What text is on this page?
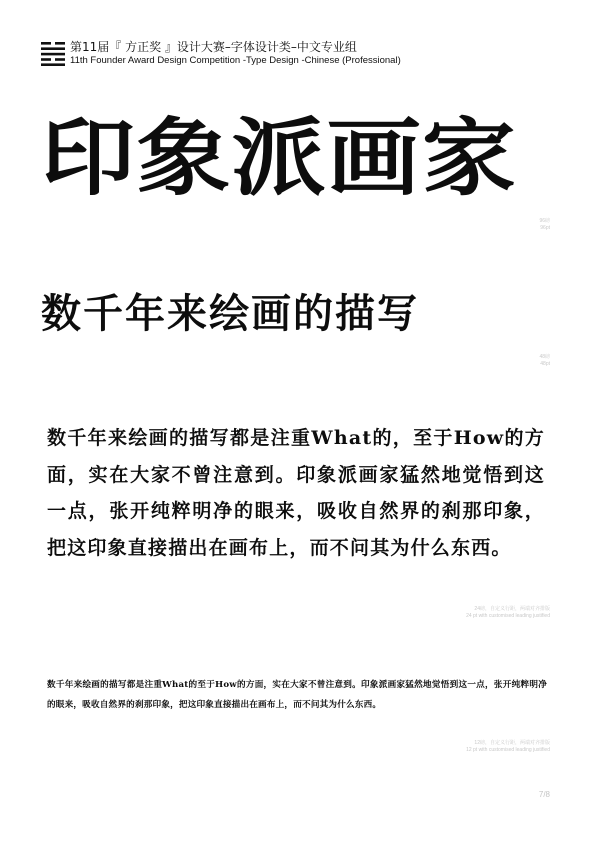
第11届『 方正奖 』设计大赛–字体设计类–中文专业组
11th Founder Award Design Competition -Type Design -Chinese (Professional)
印象派画家
96磅
96pt
数千年来绘画的描写
48磅
48pt
数千年来绘画的描写都是注重What的，至于How的方面，实在大家不曾注意到。印象派画家猛然地觉悟到这一点，张开纯粹明净的眼来，吸收自然界的刹那印象，把这印象直接描出在画布上，而不问其为什么东西。
24磅，自定义行距，两端对齐排版
24 pt with customised leading justified
数千年来绘画的描写都是注重What的至于How的方面，实在大家不曾注意到。印象派画家猛然地觉悟到这一点，张开纯粹明净的眼来，吸收自然界的刹那印象，把这印象直接描出在画布上，而不问其为什么东西。
12磅，自定义行距，两端对齐排版
12 pt with customised leading justified
7/8
